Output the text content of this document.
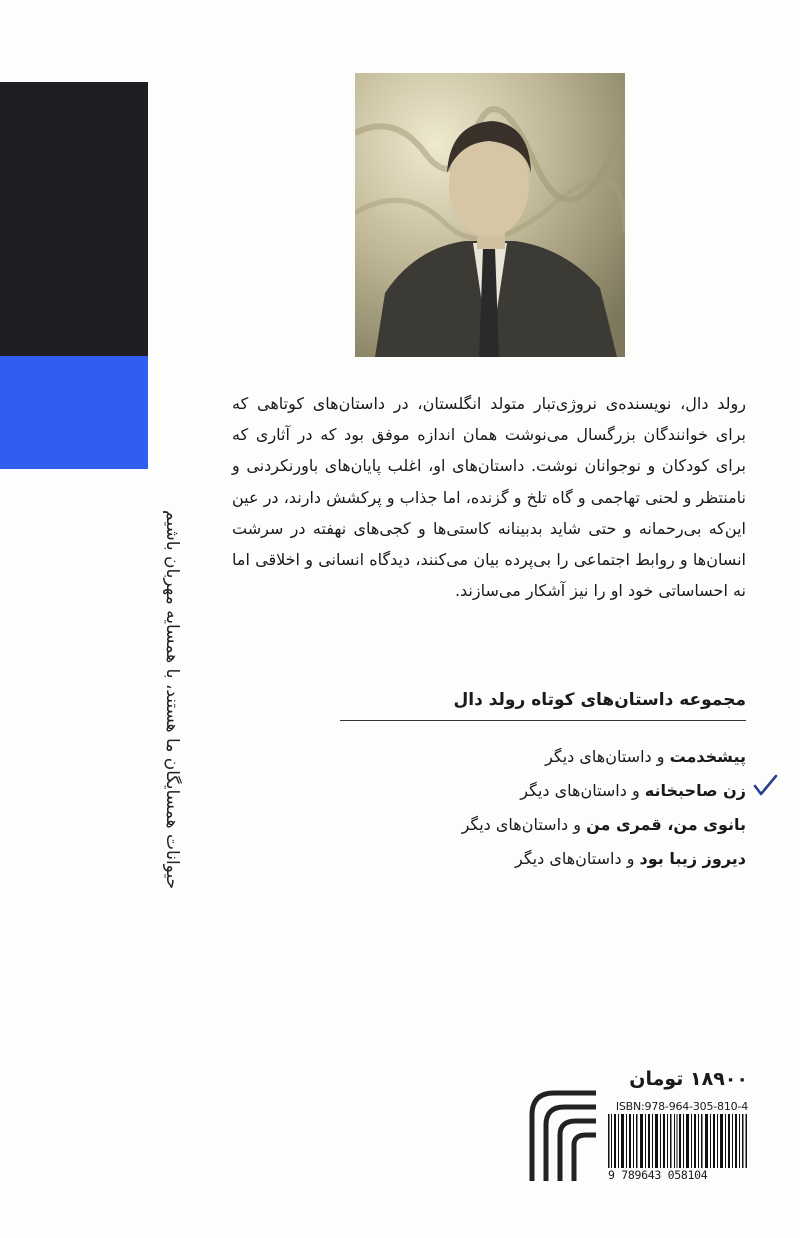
حیوانات همسایگان ما هستند، با همسایه مهربان باشیم

رولد دال، نویسنده‌ی نروژی‌تبار متولد انگلستان، در داستان‌های کوتاهی که برای خوانندگان بزرگسال می‌نوشت همان اندازه موفق بود که در آثاری که برای کودکان و نوجوانان نوشت. داستان‌های او، اغلب پایان‌های باورنکردنی و نامنتظر و لحنی تهاجمی و گاه تلخ و گزنده، اما جذاب و پرکشش دارند، در عین این‌که بی‌رحمانه و حتی شاید بدبینانه کاستی‌ها و کجی‌های نهفته در سرشت انسان‌ها و روابط اجتماعی را بی‌پرده بیان می‌کنند، دیدگاه انسانی و اخلاقی اما نه احساساتی خود او را نیز آشکار می‌سازند.

مجموعه داستان‌های کوتاه رولد دال
پیشخدمت و داستان‌های دیگر
زن صاحبخانه و داستان‌های دیگر
بانوی من، قمری من و داستان‌های دیگر
دیروز زیبا بود و داستان‌های دیگر
۱۸۹۰۰ تومان
ISBN:978-964-305-810-4
9 789643 058104
